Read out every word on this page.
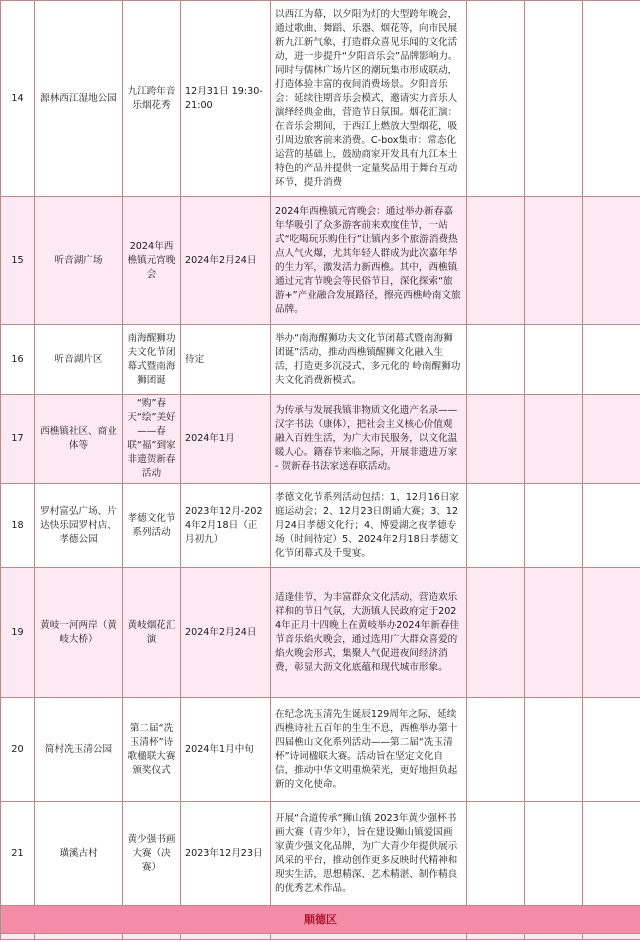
14	源林西江湿地公园	九江跨年音乐烟花秀	12月31日 19:30-21:00	以西江为幕，以夕阳为灯的大型跨年晚会，通过歌曲、舞蹈、乐器、烟花等，向市民展新九江新气象，打造群众喜见乐闻的文化活动，进一步提升“夕阳音乐会”品牌影响力。同时与儒林广场片区的潮玩集市形成联动，打造体验丰富的夜间消费场景。夕阳音乐会：延续往期音乐会模式，邀请实力音乐人演绎经典金曲，营造节日氛围。烟花汇演：在音乐会期间，于西江上燃放大型烟花，吸引周边旅客前来消费。C-box集市：常态化运营的基础上，鼓励商家开发具有九江本土特色的产品并提供一定量奖品用于舞台互动环节，提升消费			
15	听音湖广场	2024年西樵镇元宵晚会	2024年2月24日	2024年西樵镇元宵晚会：通过举办新春嘉年华吸引了众多游客前来欢度佳节，一站式“吃喝玩乐购住行”让镇内多个旅游消费热点人气火爆，尤其年轻人群成为此次嘉年华的生力军，激发活力新西樵。其中，西樵镇通过元宵节晚会等民俗节日，深化探索“旅游+”产业融合发展路径，擦亮西樵岭南文旅品牌。			
16	听音湖片区	南海醒狮功夫文化节闭幕式暨南海狮团诞	待定	举办“南海醒狮功夫文化节闭幕式暨南海狮团诞”活动，推动西樵镇醒狮文化融入生活，打造更多沉浸式、多元化的 岭南醒狮功夫文化消费新模式。			
17	西樵镇社区、商业体等	“购”春天“绘”美好——春联“福”到家非遗贺新春活动	2024年1月	为传承与发展我镇非物质文化遗产名录——汉字书法（康体），把社会主义核心价值观融入百姓生活，为广大市民服务，以文化温暖人心。籍春节来临之际，开展非遗进万家 - 贺新春书法家送春联活动。			
18	罗村富弘广场、片达快乐园罗村店、孝德公园	孝德文化节系列活动	2023年12月-2024年2月18日（正月初九）	孝德文化节系列活动包括：1、12月16日家庭运动会；2、12月23日朗诵大赛；3、12月24日孝德文化行；4、博爱湖之夜孝德专场（时间待定）5、2024年2月18日孝德文化节闭幕式及千叟宴。			
19	黄岐一河两岸（黄岐大桥）	黄岐烟花汇演	2024年2月24日	适逢佳节，为丰富群众文化活动，营造欢乐祥和的节日气氛，大沥镇人民政府定于2024年正月十四晚上在黄岐举办2024年新春佳节音乐焰火晚会，通过选用广大群众喜爱的焰火晚会形式，集聚人气促进夜间经济消费，彰显大沥文化底蕴和现代城市形象。			
20	简村冼玉清公园	第二届“冼玉清杯”诗歌楹联大赛颁奖仪式	2024年1月中旬	在纪念冼玉清先生诞辰129周年之际，延续西樵诗社五百年的生生不息，西樵举办第十四届樵山文化系列活动——第二届“冼玉清杯”诗词楹联大赛。活动旨在坚定文化自信，推动中华文明重焕荣光，更好地担负起新的文化使命。			
21	璜溪古村	黄少强书画大赛（决赛）	2023年12月23日	开展“合道传承”狮山镇 2023年黄少强杯书画大赛（青少年），旨在建设狮山镇爱国画家黄少强文化品牌，为广大青少年提供展示风采的平台，推动创作更多反映时代精神和现实生活，思想精深、艺术精湛、制作精良的优秀艺术作品。			
顺德区							
